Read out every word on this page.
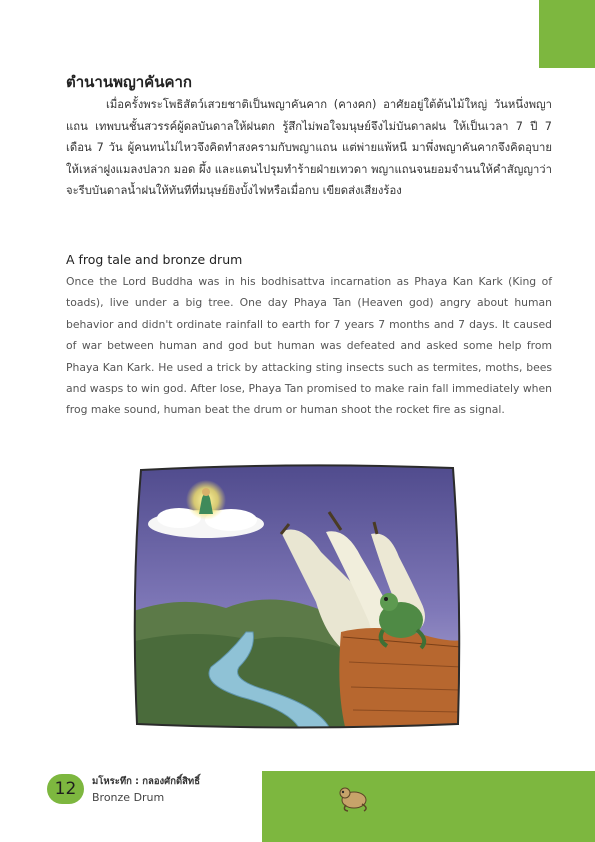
ตำนานพญาคันคาก
เมื่อครั้งพระโพธิสัตว์เสวยชาติเป็นพญาคันคาก (คางคก) อาศัยอยู่ใต้ต้นไม้ใหญ่ วันหนึ่งพญาแถน เทพบนชั้นสวรรค์ผู้ดลบันดาลให้ฝนตก รู้สึกไม่พอใจมนุษย์จึงไม่บันดาลฝน ให้เป็นเวลา 7 ปี 7 เดือน 7 วัน ผู้คนทนไม่ไหวจึงคิดทำสงครามกับพญาแถน แต่พ่ายแพ้หนี มาพึ่งพญาคันคากจึงคิดอุบายให้เหล่าฝูงแมลงปลวก มอด ผึ้ง และแตนไปรุมทำร้ายฝ่ายเทวดา พญาแถนจนยอมจำนนให้คำสัญญาว่าจะรีบบันดาลน้ำฝนให้ทันทีที่มนุษย์ยิงบั้งไฟหรือเมื่อกบ เขียดส่งเสียงร้อง
A frog tale and bronze drum
Once the Lord Buddha was in his bodhisattva incarnation as Phaya Kan Kark (King of toads), live under a big tree. One day Phaya Tan (Heaven god) angry about human behavior and didn't ordinate rainfall to earth for 7 years 7 months and 7 days. It caused of war between human and god but human was defeated and asked some help from Phaya Kan Kark. He used a trick by attacking sting insects such as termites, moths, bees and wasps to win god. After lose, Phaya Tan promised to make rain fall immediately when frog make sound, human beat the drum or human shoot the rocket fire as signal.
12	มโหระทึก : กลองศักดิ์สิทธิ์
Bronze Drum
